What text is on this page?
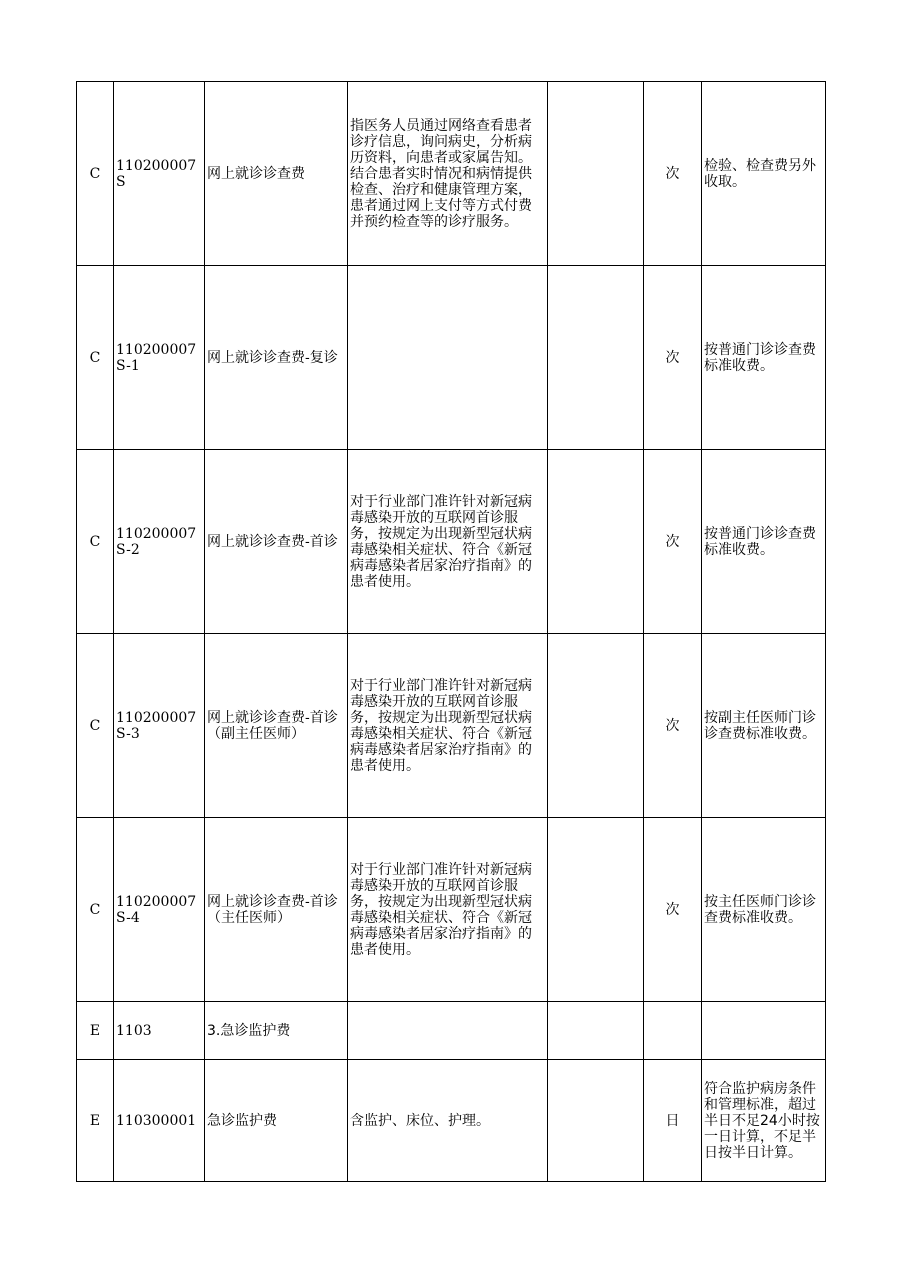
C	110200007S	网上就诊诊查费	指医务人员通过网络查看患者诊疗信息，询问病史，分析病历资料，向患者或家属告知。结合患者实时情况和病情提供检查、治疗和健康管理方案，患者通过网上支付等方式付费并预约检查等的诊疗服务。		次	检验、检查费另外收取。
C	110200007S-1	网上就诊诊查费-复诊			次	按普通门诊诊查费标准收费。
C	110200007S-2	网上就诊诊查费-首诊	对于行业部门准许针对新冠病毒感染开放的互联网首诊服务，按规定为出现新型冠状病毒感染相关症状、符合《新冠病毒感染者居家治疗指南》的患者使用。		次	按普通门诊诊查费标准收费。
C	110200007S-3	网上就诊诊查费-首诊（副主任医师）	对于行业部门准许针对新冠病毒感染开放的互联网首诊服务，按规定为出现新型冠状病毒感染相关症状、符合《新冠病毒感染者居家治疗指南》的患者使用。		次	按副主任医师门诊诊查费标准收费。
C	110200007S-4	网上就诊诊查费-首诊（主任医师）	对于行业部门准许针对新冠病毒感染开放的互联网首诊服务，按规定为出现新型冠状病毒感染相关症状、符合《新冠病毒感染者居家治疗指南》的患者使用。		次	按主任医师门诊诊查费标准收费。
E	1103	3.急诊监护费				
E	110300001	急诊监护费	含监护、床位、护理。		日	符合监护病房条件和管理标准，超过半日不足24小时按一日计算，不足半日按半日计算。
